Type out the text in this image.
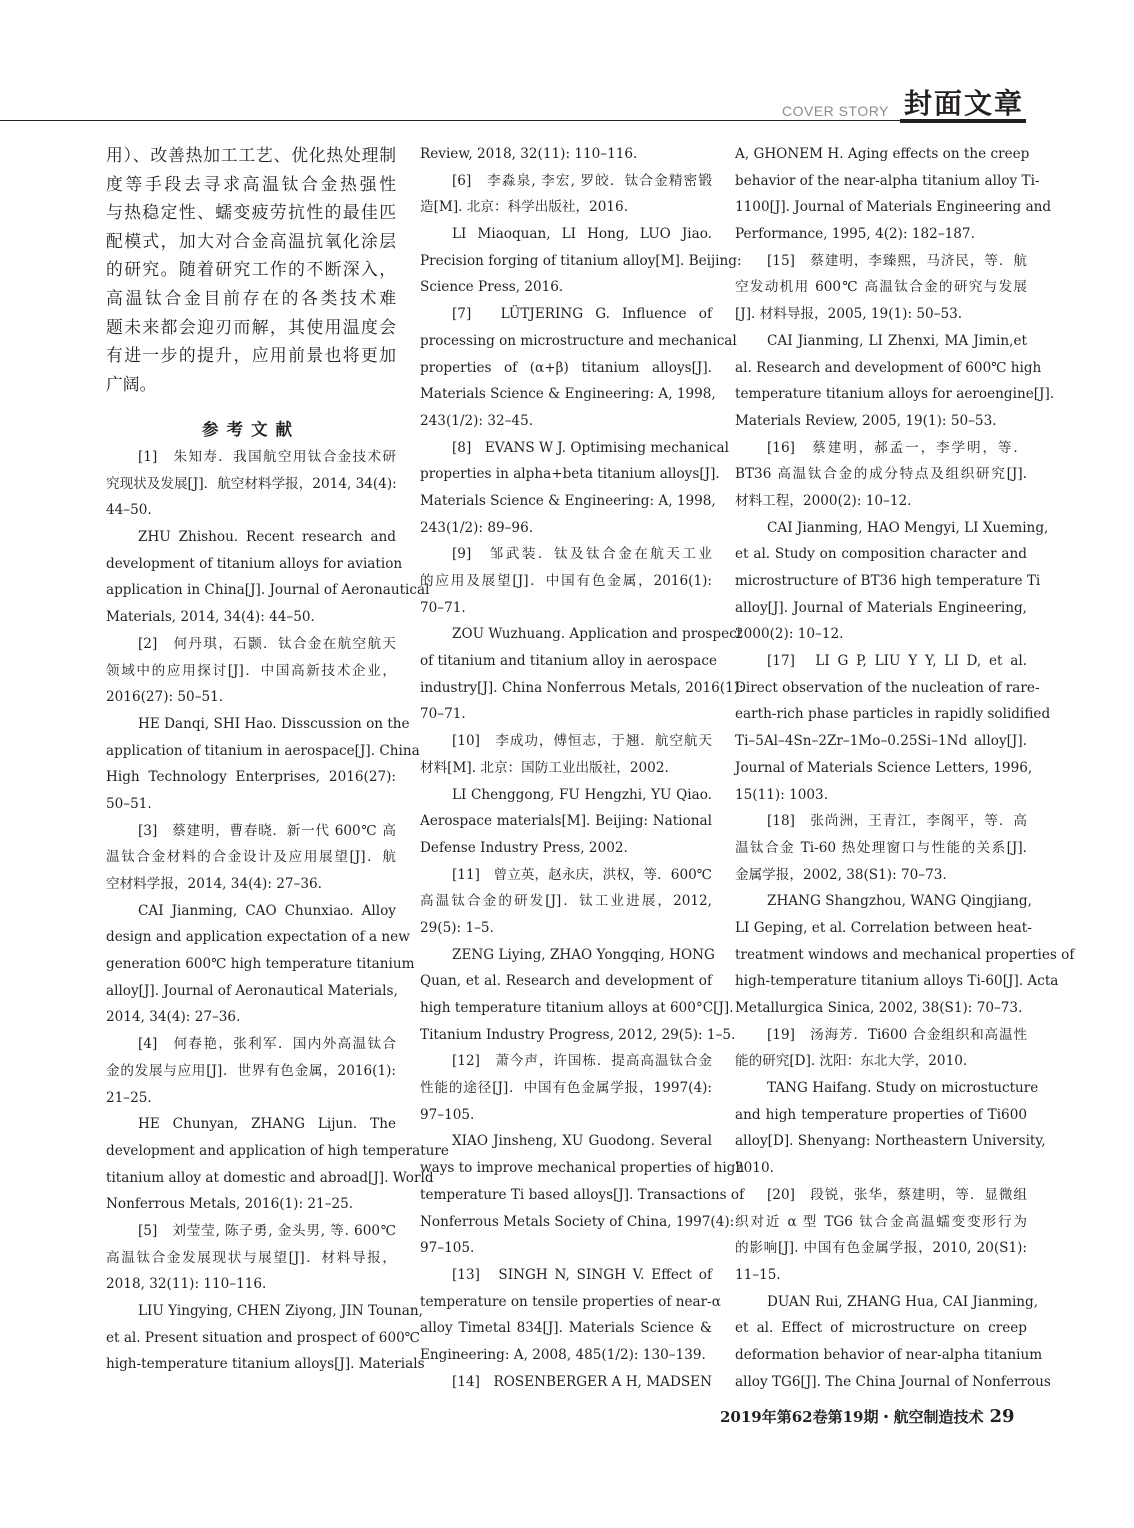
COVER STORY 封面文章
用）、改善热加工工艺、优化热处理制
度等手段去寻求高温钛合金热强性
与热稳定性、蠕变疲劳抗性的最佳匹
配模式，加大对合金高温抗氧化涂层
的研究。随着研究工作的不断深入，
高温钛合金目前存在的各类技术难
题未来都会迎刃而解，其使用温度会
有进一步的提升，应用前景也将更加
广阔。
参考文献
[1]　朱知寿．我国航空用钛合金技术研
究现状及发展[J]．航空材料学报，2014, 34(4):
44–50.
ZHU Zhishou. Recent research and
development of titanium alloys for aviation
application in China[J]. Journal of Aeronautical
Materials, 2014, 34(4): 44–50.
[2]　何丹琪，石颢．钛合金在航空航天
领域中的应用探讨[J]．中国高新技术企业，
2016(27): 50–51.
HE Danqi, SHI Hao. Disscussion on the
application of titanium in aerospace[J]. China
High Technology Enterprises, 2016(27):
50–51.
[3]　蔡建明，曹春晓．新一代 600℃ 高
温钛合金材料的合金设计及应用展望[J]．航
空材料学报，2014, 34(4): 27–36.
CAI Jianming, CAO Chunxiao. Alloy
design and application expectation of a new
generation 600℃ high temperature titanium
alloy[J]. Journal of Aeronautical Materials,
2014, 34(4): 27–36.
[4]　何春艳，张利军．国内外高温钛合
金的发展与应用[J]．世界有色金属，2016(1):
21–25.
HE Chunyan, ZHANG Lijun. The
development and application of high temperature
titanium alloy at domestic and abroad[J]. World
Nonferrous Metals, 2016(1): 21–25.
[5]　刘莹莹, 陈子勇, 金头男, 等. 600℃
高温钛合金发展现状与展望[J]．材料导报，
2018, 32(11): 110–116.
LIU Yingying, CHEN Ziyong, JIN Tounan,
et al. Present situation and prospect of 600℃
high-temperature titanium alloys[J]. Materials
Review, 2018, 32(11): 110–116.
[6]　李淼泉, 李宏, 罗皎．钛合金精密锻
造[M]. 北京：科学出版社，2016.
LI Miaoquan, LI Hong, LUO Jiao.
Precision forging of titanium alloy[M]. Beijing:
Science Press, 2016.
[7]　LÜTJERING G. Influence of
processing on microstructure and mechanical
properties of (α+β) titanium alloys[J].
Materials Science & Engineering: A, 1998,
243(1/2): 32–45.
[8]　EVANS W J. Optimising mechanical
properties in alpha+beta titanium alloys[J].
Materials Science & Engineering: A, 1998,
243(1/2): 89–96.
[9]　邹武装．钛及钛合金在航天工业
的应用及展望[J]．中国有色金属，2016(1):
70–71.
ZOU Wuzhuang. Application and prospect
of titanium and titanium alloy in aerospace
industry[J]. China Nonferrous Metals, 2016(1):
70–71.
[10]　李成功，傅恒志，于翘．航空航天
材料[M]. 北京：国防工业出版社，2002.
LI Chenggong, FU Hengzhi, YU Qiao.
Aerospace materials[M]. Beijing: National
Defense Industry Press, 2002.
[11]　曾立英，赵永庆，洪权，等．600℃
高温钛合金的研发[J]．钛工业进展，2012,
29(5): 1–5.
ZENG Liying, ZHAO Yongqing, HONG
Quan, et al. Research and development of
high temperature titanium alloys at 600°C[J].
Titanium Industry Progress, 2012, 29(5): 1–5.
[12]　萧今声，许国栋．提高高温钛合金
性能的途径[J]．中国有色金属学报，1997(4):
97–105.
XIAO Jinsheng, XU Guodong. Several
ways to improve mechanical properties of high
temperature Ti based alloys[J]. Transactions of
Nonferrous Metals Society of China, 1997(4):
97–105.
[13]　SINGH N, SINGH V. Effect of
temperature on tensile properties of near-α
alloy Timetal 834[J]. Materials Science &
Engineering: A, 2008, 485(1/2): 130–139.
[14]　ROSENBERGER A H, MADSEN
A, GHONEM H. Aging effects on the creep
behavior of the near-alpha titanium alloy Ti-
1100[J]. Journal of Materials Engineering and
Performance, 1995, 4(2): 182–187.
[15]　蔡建明，李臻熙，马济民，等．航
空发动机用 600℃ 高温钛合金的研究与发展
[J]. 材料导报，2005, 19(1): 50–53.
CAI Jianming, LI Zhenxi, MA Jimin,et
al. Research and development of 600℃ high
temperature titanium alloys for aeroengine[J].
Materials Review, 2005, 19(1): 50–53.
[16]　蔡建明，郝孟一，李学明，等．
BT36 高温钛合金的成分特点及组织研究[J].
材料工程，2000(2): 10–12.
CAI Jianming, HAO Mengyi, LI Xueming,
et al. Study on composition character and
microstructure of BT36 high temperature Ti
alloy[J]. Journal of Materials Engineering,
2000(2): 10–12.
[17]　LI G P, LIU Y Y, LI D, et al.
Direct observation of the nucleation of rare-
earth-rich phase particles in rapidly solidified
Ti–5Al–4Sn–2Zr–1Mo–0.25Si–1Nd alloy[J].
Journal of Materials Science Letters, 1996,
15(11): 1003.
[18]　张尚洲，王青江，李阁平，等．高
温钛合金 Ti-60 热处理窗口与性能的关系[J].
金属学报，2002, 38(S1): 70–73.
ZHANG Shangzhou, WANG Qingjiang,
LI Geping, et al. Correlation between heat-
treatment windows and mechanical properties of
high-temperature titanium alloys Ti-60[J]. Acta
Metallurgica Sinica, 2002, 38(S1): 70–73.
[19]　汤海芳．Ti600 合金组织和高温性
能的研究[D]. 沈阳：东北大学，2010.
TANG Haifang. Study on microstucture
and high temperature properties of Ti600
alloy[D]. Shenyang: Northeastern University,
2010.
[20]　段锐，张华，蔡建明，等．显微组
织对近 α 型 TG6 钛合金高温蠕变变形行为
的影响[J]. 中国有色金属学报，2010, 20(S1):
11–15.
DUAN Rui, ZHANG Hua, CAI Jianming,
et al. Effect of microstructure on creep
deformation behavior of near-alpha titanium
alloy TG6[J]. The China Journal of Nonferrous
2019年第62卷第19期・航空制造技术 29
